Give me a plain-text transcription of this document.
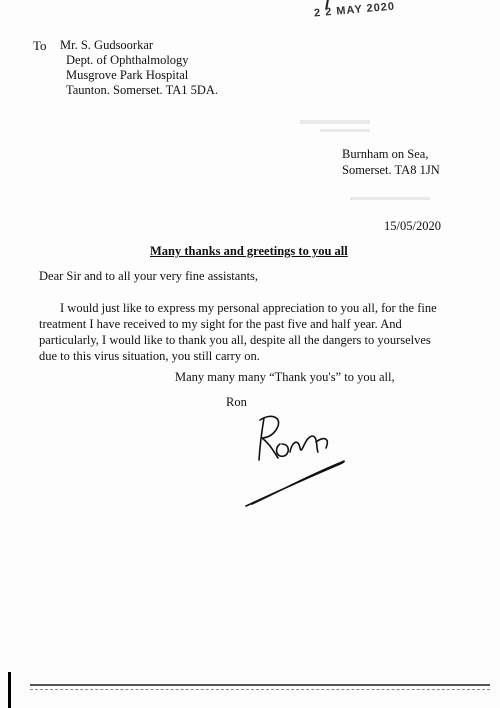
2 2 MAY 2020
To Mr. S. Gudsoorkar
Dept. of Ophthalmology
Musgrove Park Hospital
Taunton. Somerset. TA1 5DA.
Burnham on Sea,
Somerset. TA8 1JN
15/05/2020
Many thanks and greetings to you all
Dear Sir and to all your very fine assistants,
I would just like to express my personal appreciation to you all, for the fine
treatment I have received to my sight for the past five and half year. And
particularly, I would like to thank you all, despite all the dangers to yourselves
due to this virus situation, you still carry on.
Many many many “Thank you's” to you all,
Ron
